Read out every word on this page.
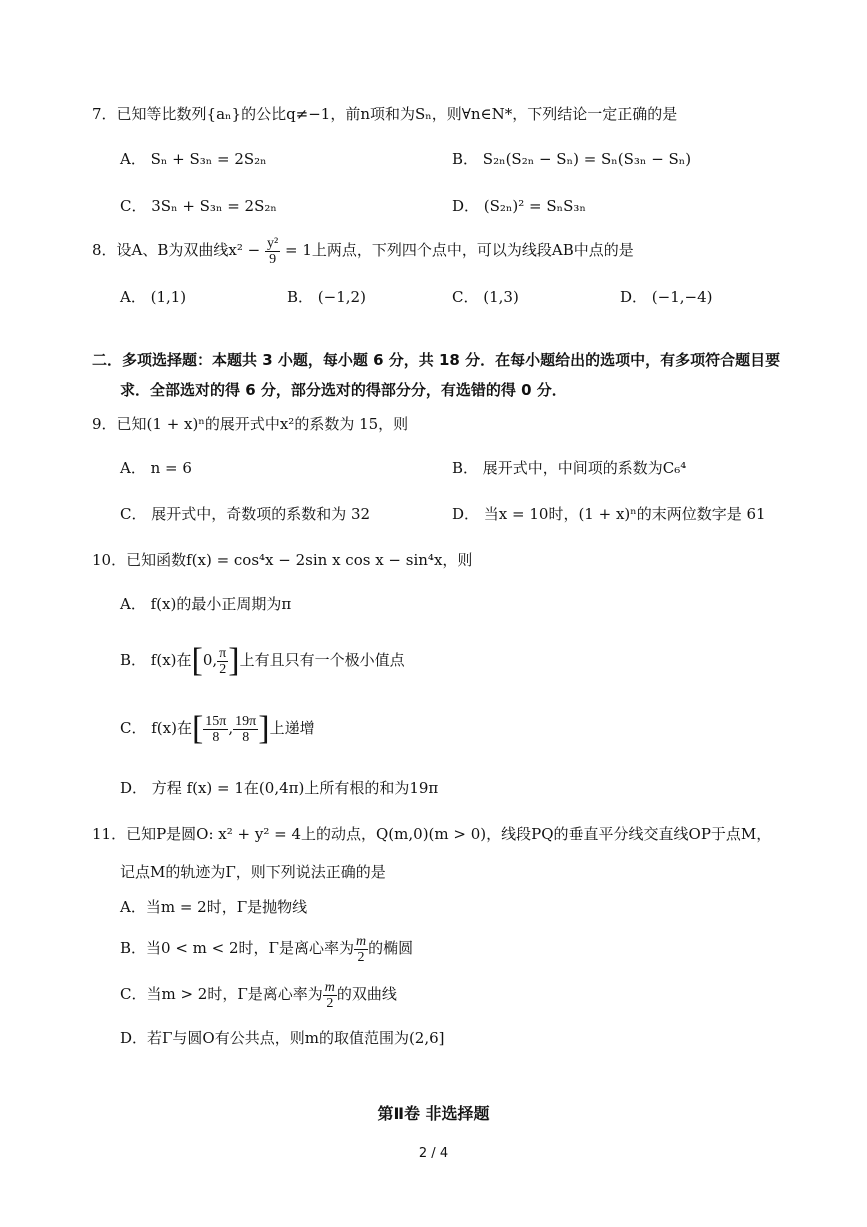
7．已知等比数列{aₙ}的公比q≠−1，前n项和为Sₙ，则∀n∈N*，下列结论一定正确的是
A． Sₙ + S₃ₙ = 2S₂ₙ	B． S₂ₙ(S₂ₙ − Sₙ) = Sₙ(S₃ₙ − Sₙ)
C． 3Sₙ + S₃ₙ = 2S₂ₙ	D． (S₂ₙ)² = SₙS₃ₙ
8．设A、B为双曲线$x^2 - \frac{\text{y²}}{9} = 1$上两点，下列四个点中，可以为线段AB中点的是
A． (1,1)	B． (−1,2)	C． (1,3)	D． (−1,−4)
二．多项选择题：本题共 3 小题，每小题 6 分，共 18 分．在每小题给出的选项中，有多项符合题目要
求．全部选对的得 6 分，部分选对的得部分分，有选错的得 0 分．
9．已知(1 + x)ⁿ的展开式中x²的系数为 15，则
A． n = 6	B． 展开式中，中间项的系数为C₆⁴
C． 展开式中，奇数项的系数和为 32	D． 当x = 10时，(1 + x)ⁿ的末两位数字是 61
10．已知函数f(x) = cos⁴x − 2sin x cos x − sin⁴x，则
A． f(x)的最小正周期为π
B． f(x)在[0, $\frac{\pi}{2}$ ]上有且只有一个极小值点
C． f(x)在[ $\frac{15\pi}{8}$ , $\frac{19\pi}{8}$ ]上递增
D． 方程 f(x) = 1在(0,4π)上所有根的和为19π
11．已知P是圆O: x² + y² = 4上的动点，Q(m,0)(m > 0)，线段PQ的垂直平分线交直线OP于点M，
记点M的轨迹为Γ，则下列说法正确的是
A．当m = 2时，Γ是抛物线
B．当0 < m < 2时，Γ是离心率为 $\frac{m}{2}$ 的椭圆
C．当m > 2时，Γ是离心率为 $\frac{m}{2}$ 的双曲线
D．若Γ与圆O有公共点，则m的取值范围为(2,6]
第Ⅱ卷 非选择题
2 / 4
